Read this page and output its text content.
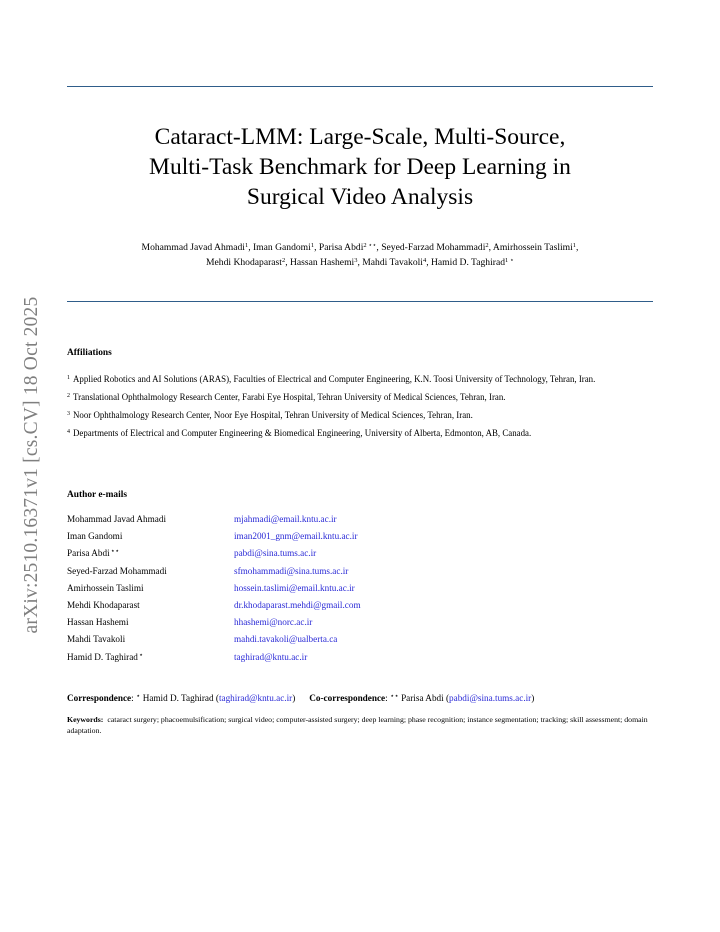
arXiv:2510.16371v1 [cs.CV] 18 Oct 2025
Cataract-LMM: Large-Scale, Multi-Source,
Multi-Task Benchmark for Deep Learning in
Surgical Video Analysis
Mohammad Javad Ahmadi$^1$, Iman Gandomi$^1$, Parisa Abdi$^{2 ⋆⋆}$, Seyed-Farzad Mohammadi$^2$, Amirhossein Taslimi$^1$,
Mehdi Khodaparast$^2$, Hassan Hashemi$^3$, Mahdi Tavakoli$^4$, Hamid D. Taghirad$^{1 ⋆}$
Affiliations
$^1$ Applied Robotics and AI Solutions (ARAS), Faculties of Electrical and Computer Engineering, K.N. Toosi University of Technology, Tehran, Iran.
$^2$ Translational Ophthalmology Research Center, Farabi Eye Hospital, Tehran University of Medical Sciences, Tehran, Iran.
$^3$ Noor Ophthalmology Research Center, Noor Eye Hospital, Tehran University of Medical Sciences, Tehran, Iran.
$^4$ Departments of Electrical and Computer Engineering & Biomedical Engineering, University of Alberta, Edmonton, AB, Canada.
Author e-mails
Mohammad Javad Ahmadi	mjahmadi@email.kntu.ac.ir
Iman Gandomi	iman2001_gnm@email.kntu.ac.ir
Parisa Abdi⋆⋆	pabdi@sina.tums.ac.ir
Seyed-Farzad Mohammadi	sfmohammadi@sina.tums.ac.ir
Amirhossein Taslimi	hossein.taslimi@email.kntu.ac.ir
Mehdi Khodaparast	dr.khodaparast.mehdi@gmail.com
Hassan Hashemi	hhashemi@norc.ac.ir
Mahdi Tavakoli	mahdi.tavakoli@ualberta.ca
Hamid D. Taghirad⋆	taghirad@kntu.ac.ir
Correspondence: ⋆ Hamid D. Taghirad (taghirad@kntu.ac.ir) Co-correspondence: ⋆⋆ Parisa Abdi (pabdi@sina.tums.ac.ir)
Keywords: cataract surgery; phacoemulsification; surgical video; computer-assisted surgery; deep learning; phase recognition; instance segmentation; tracking; skill assessment; domain adaptation.
